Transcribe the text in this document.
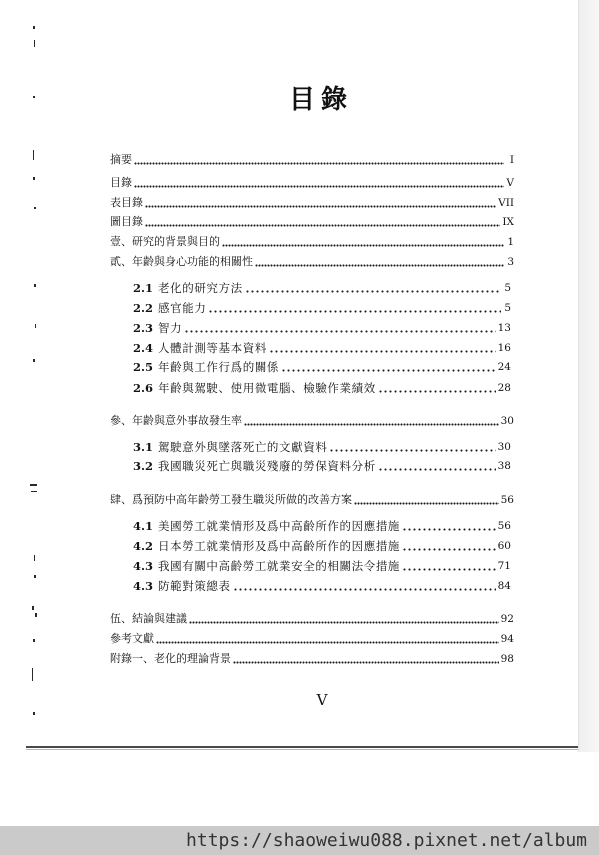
目錄
摘要	I
目錄	V
表目錄	VII
圖目錄	IX
壹、研究的背景與目的	1
貳、年齡與身心功能的相關性	3
2.1 老化的研究方法	5
2.2 感官能力	5
2.3 智力	13
2.4 人體計測等基本資料	16
2.5 年齡與工作行爲的關係	24
2.6 年齡與駕駛、使用微電腦、檢驗作業績效	28
參、年齡與意外事故發生率	30
3.1 駕駛意外與墜落死亡的文獻資料	30
3.2 我國職災死亡與職災殘廢的勞保資料分析	38
肆、爲預防中高年齡勞工發生職災所做的改善方案	56
4.1 美國勞工就業情形及爲中高齡所作的因應措施	56
4.2 日本勞工就業情形及爲中高齡所作的因應措施	60
4.3 我國有關中高齡勞工就業安全的相關法令措施	71
4.3 防範對策總表	84
伍、結論與建議	92
參考文獻	94
附錄一、老化的理論背景	98
V
https://shaoweiwu088.pixnet.net/album
